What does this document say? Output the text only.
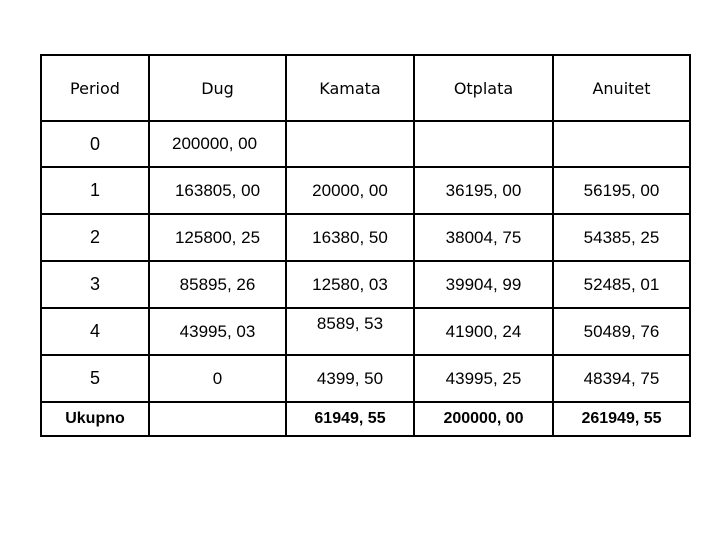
Period	Dug	Kamata	Otplata	Anuitet
0	200000, 00			
1	163805, 00	20000, 00	36195, 00	56195, 00
2	125800, 25	16380, 50	38004, 75	54385, 25
3	85895, 26	12580, 03	39904, 99	52485, 01
4	43995, 03	8589, 53	41900, 24	50489, 76
5	0	4399, 50	43995, 25	48394, 75
Ukupno		61949, 55	200000, 00	261949, 55
